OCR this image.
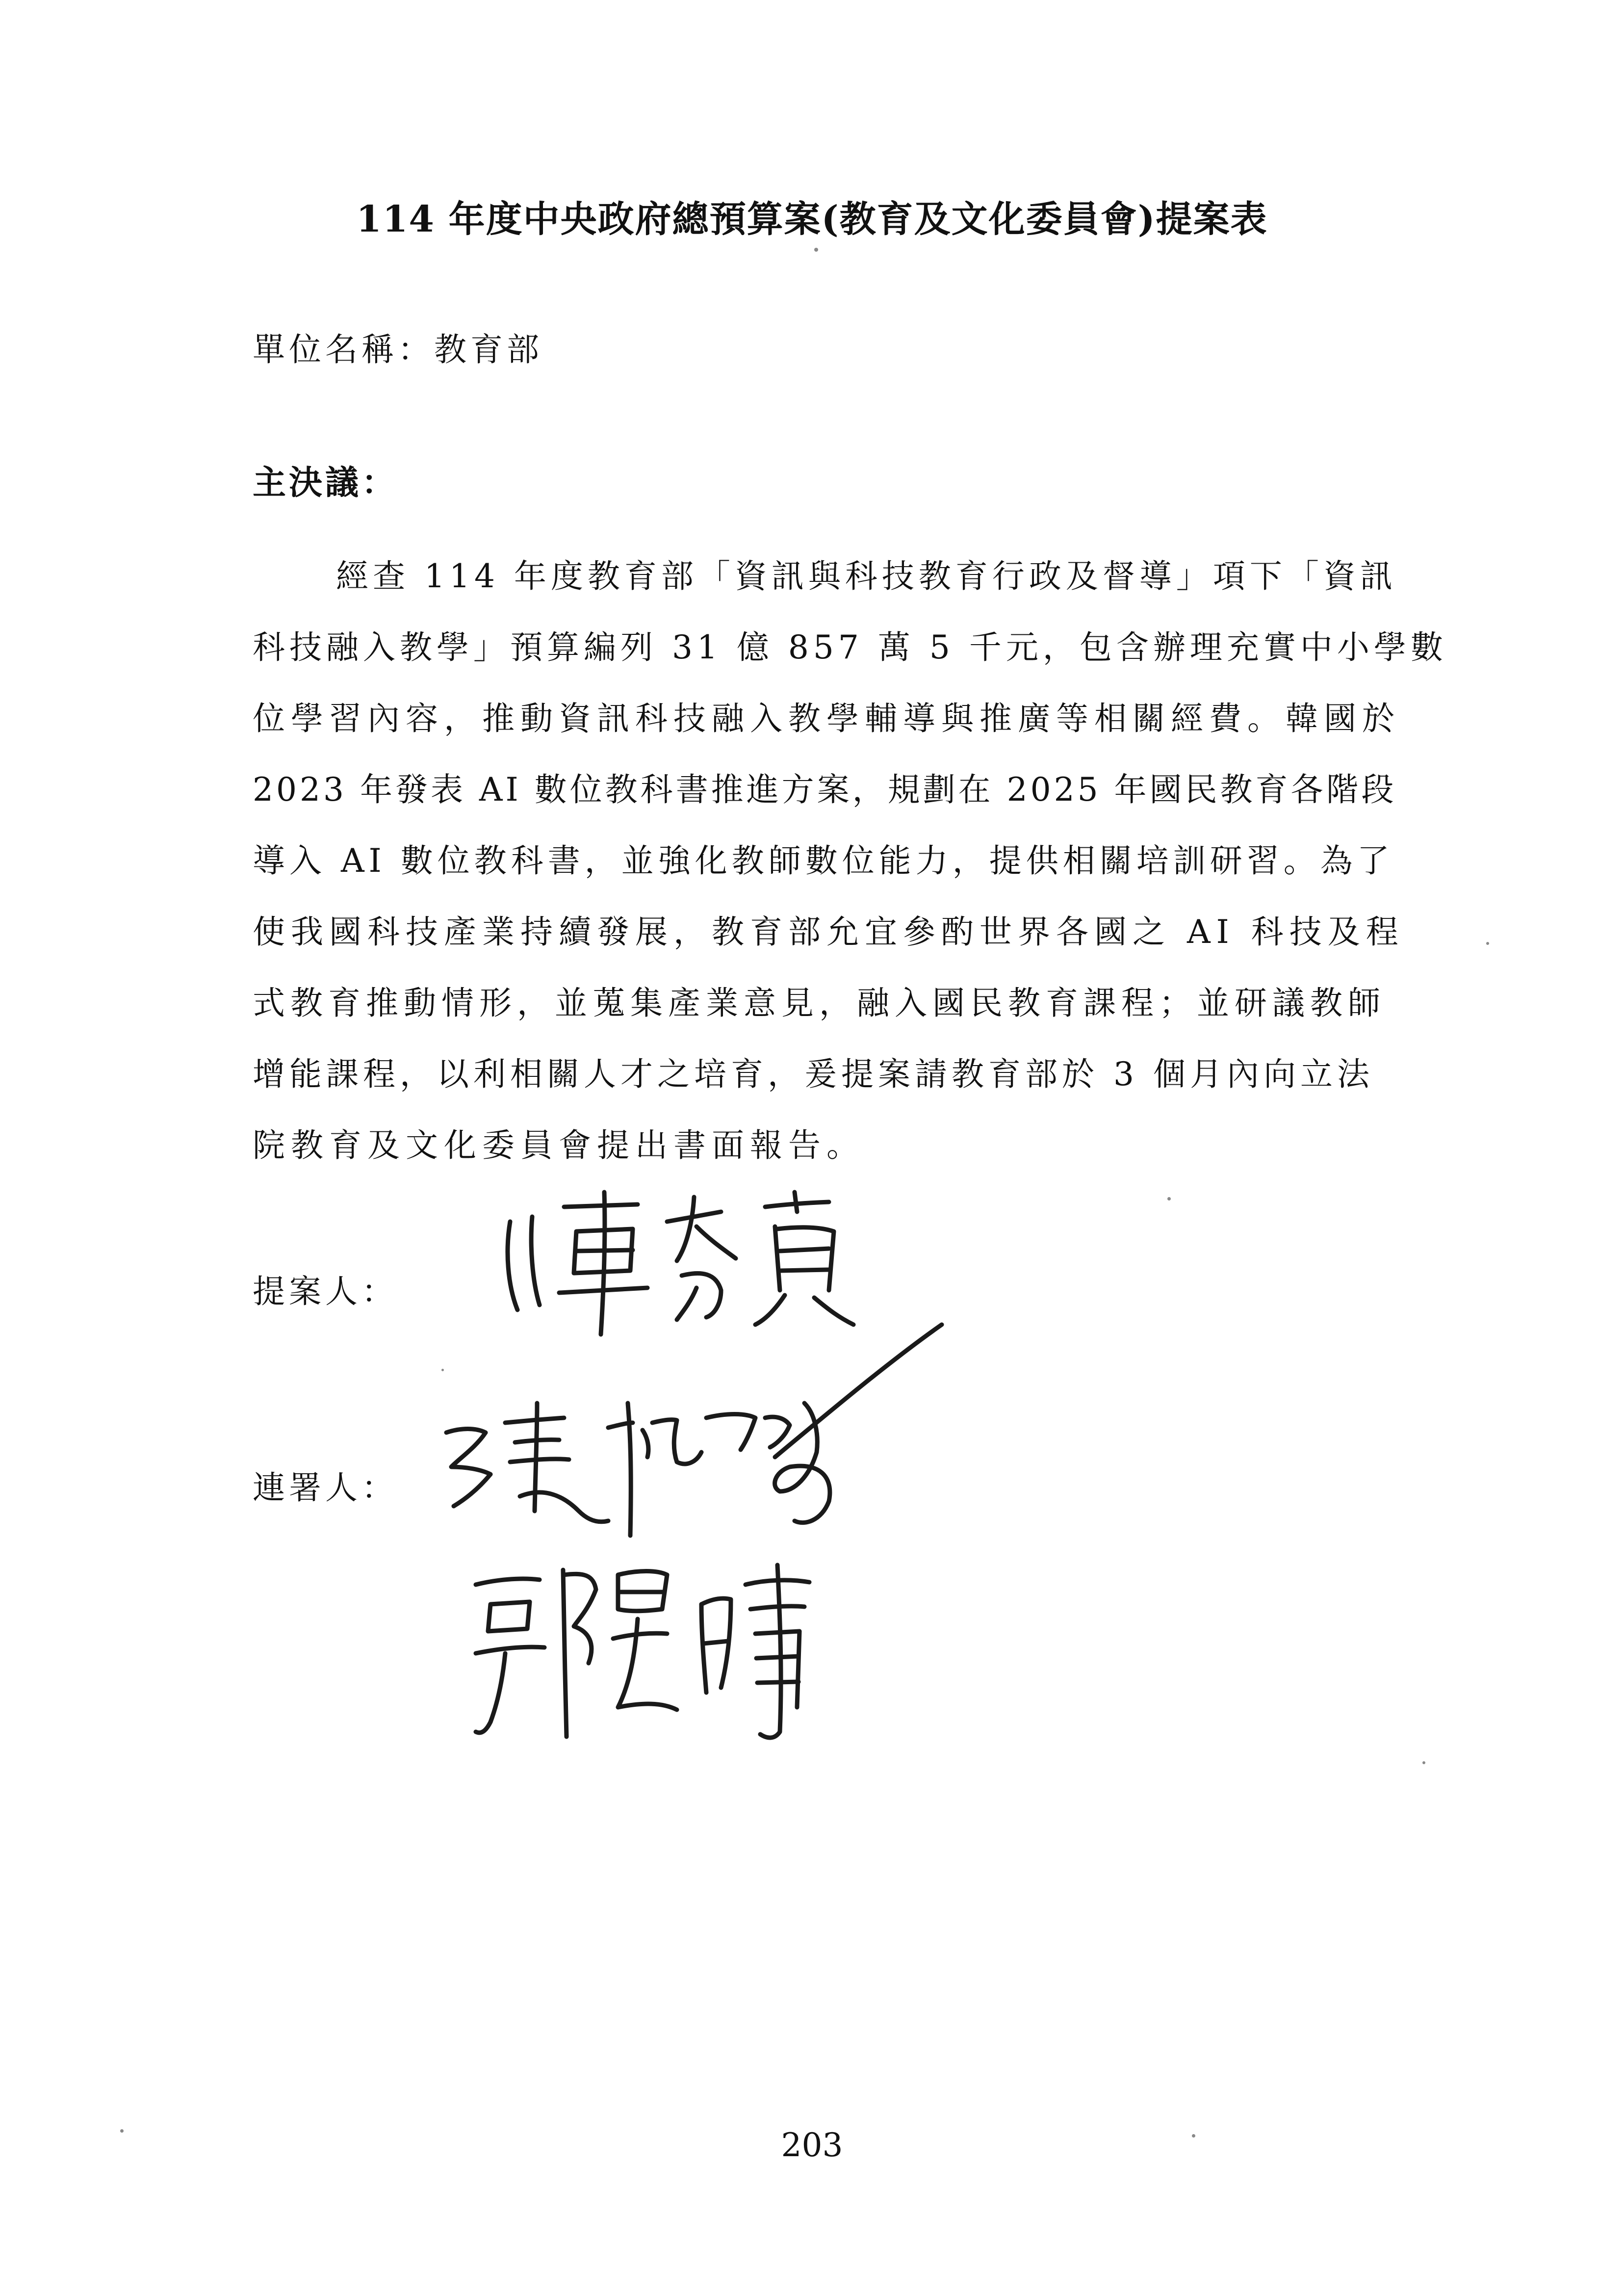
114 年度中央政府總預算案(教育及文化委員會)提案表
單位名稱：教育部
主決議：
經查 114 年度教育部「資訊與科技教育行政及督導」項下「資訊
科技融入教學」預算編列 31 億 857 萬 5 千元，包含辦理充實中小學數
位學習內容，推動資訊科技融入教學輔導與推廣等相關經費。韓國於
2023 年發表 AI 數位教科書推進方案，規劃在 2025 年國民教育各階段
導入 AI 數位教科書，並強化教師數位能力，提供相關培訓研習。為了
使我國科技產業持續發展，教育部允宜參酌世界各國之 AI 科技及程
式教育推動情形，並蒐集產業意見，融入國民教育課程；並研議教師
增能課程，以利相關人才之培育，爰提案請教育部於 3 個月內向立法
院教育及文化委員會提出書面報告。
提案人：
連署人：
203
